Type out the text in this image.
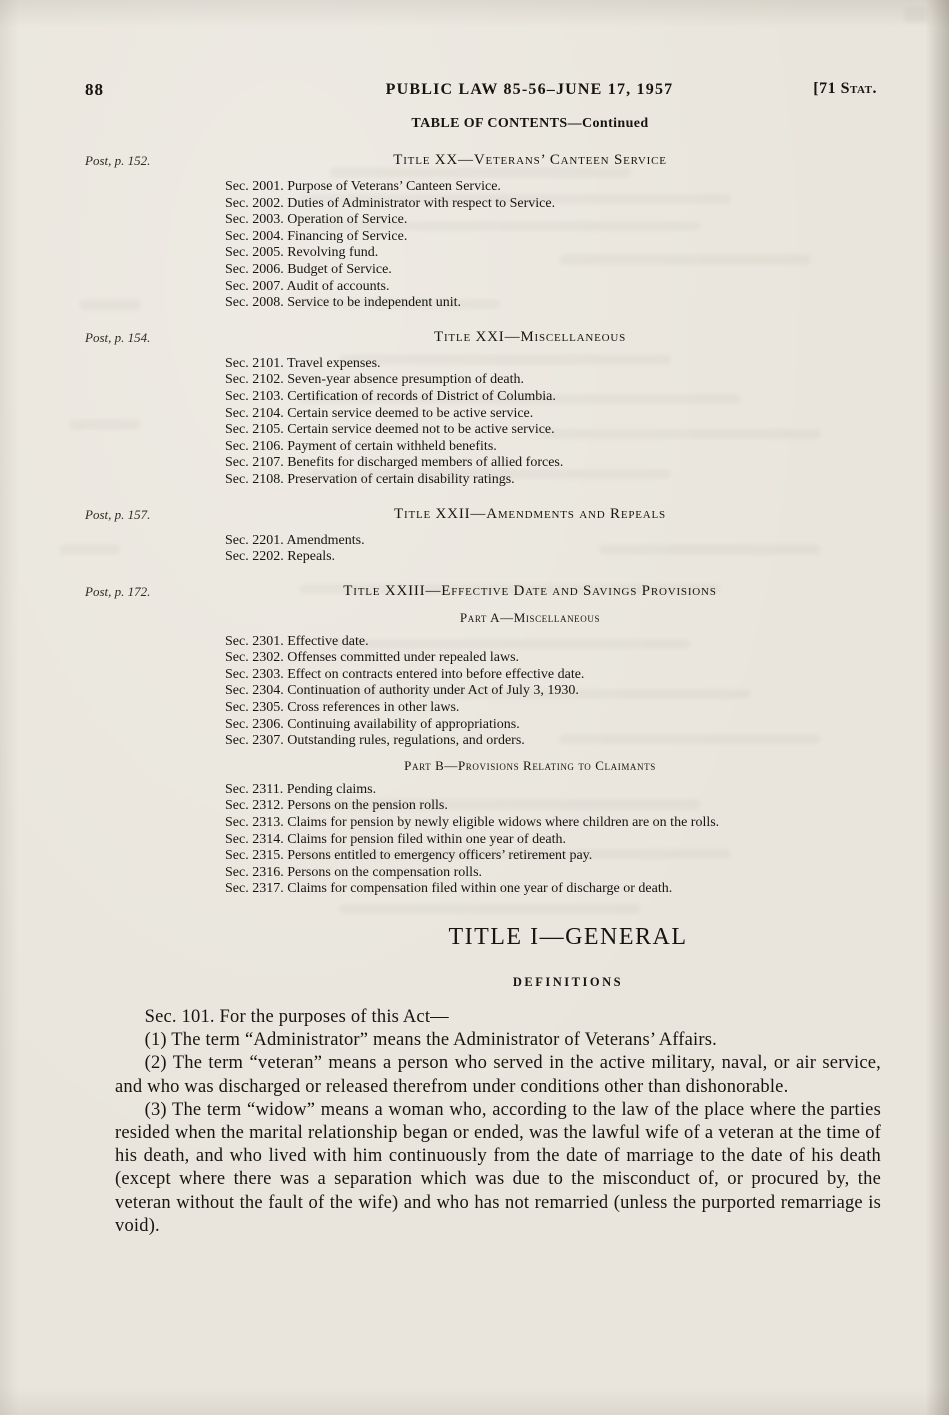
88	PUBLIC LAW 85-56–JUNE 17, 1957	[71 Stat.
TABLE OF CONTENTS—Continued
Post, p. 152.	Title XX—Veterans’ Canteen Service
Sec. 2001. Purpose of Veterans’ Canteen Service.
Sec. 2002. Duties of Administrator with respect to Service.
Sec. 2003. Operation of Service.
Sec. 2004. Financing of Service.
Sec. 2005. Revolving fund.
Sec. 2006. Budget of Service.
Sec. 2007. Audit of accounts.
Sec. 2008. Service to be independent unit.
Post, p. 154.	Title XXI—Miscellaneous
Sec. 2101. Travel expenses.
Sec. 2102. Seven-year absence presumption of death.
Sec. 2103. Certification of records of District of Columbia.
Sec. 2104. Certain service deemed to be active service.
Sec. 2105. Certain service deemed not to be active service.
Sec. 2106. Payment of certain withheld benefits.
Sec. 2107. Benefits for discharged members of allied forces.
Sec. 2108. Preservation of certain disability ratings.
Post, p. 157.	Title XXII—Amendments and Repeals
Sec. 2201. Amendments.
Sec. 2202. Repeals.
Post, p. 172.	Title XXIII—Effective Date and Savings Provisions
Part A—Miscellaneous
Sec. 2301. Effective date.
Sec. 2302. Offenses committed under repealed laws.
Sec. 2303. Effect on contracts entered into before effective date.
Sec. 2304. Continuation of authority under Act of July 3, 1930.
Sec. 2305. Cross references in other laws.
Sec. 2306. Continuing availability of appropriations.
Sec. 2307. Outstanding rules, regulations, and orders.
Part B—Provisions Relating to Claimants
Sec. 2311. Pending claims.
Sec. 2312. Persons on the pension rolls.
Sec. 2313. Claims for pension by newly eligible widows where children are on the rolls.
Sec. 2314. Claims for pension filed within one year of death.
Sec. 2315. Persons entitled to emergency officers’ retirement pay.
Sec. 2316. Persons on the compensation rolls.
Sec. 2317. Claims for compensation filed within one year of discharge or death.
TITLE I—GENERAL
DEFINITIONS

Sec. 101. For the purposes of this Act—

(1) The term “Administrator” means the Administrator of Veterans’ Affairs.

(2) The term “veteran” means a person who served in the active military, naval, or air service, and who was discharged or released therefrom under conditions other than dishonorable.

(3) The term “widow” means a woman who, according to the law of the place where the parties resided when the marital relationship began or ended, was the lawful wife of a veteran at the time of his death, and who lived with him continuously from the date of marriage to the date of his death (except where there was a separation which was due to the misconduct of, or procured by, the veteran without the fault of the wife) and who has not remarried (unless the purported remarriage is void).
